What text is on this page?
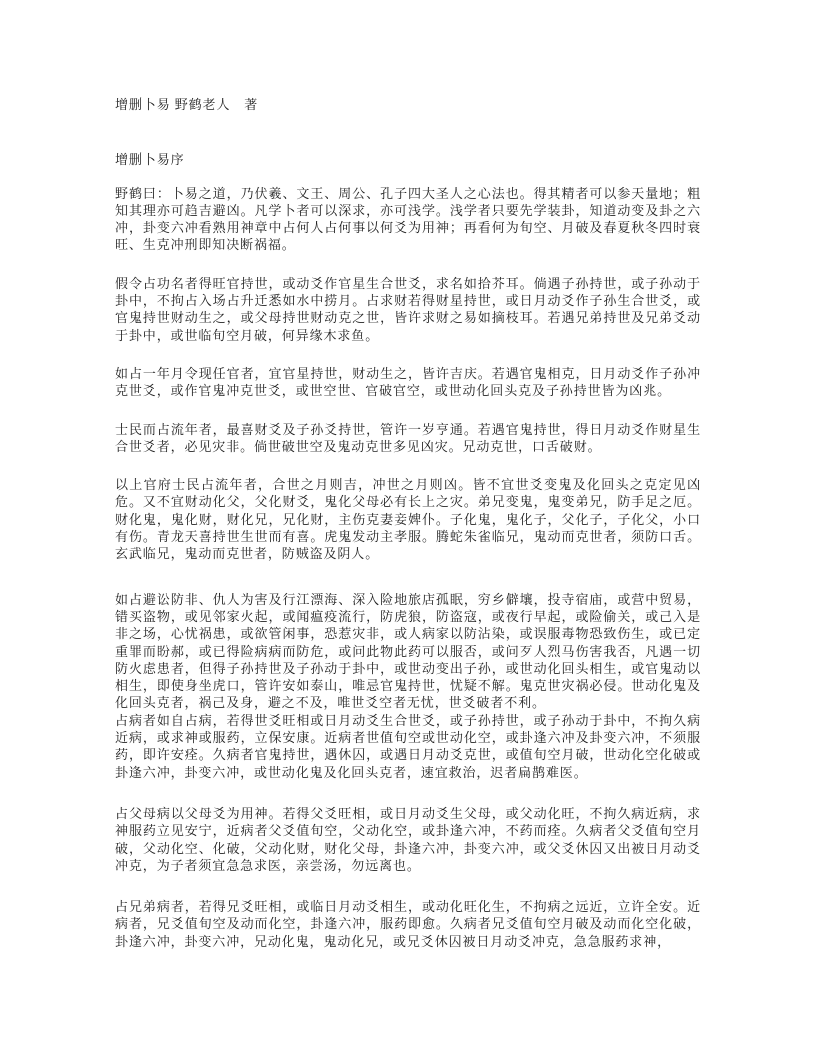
增删卜易 野鹤老人　著

增删卜易序

野鹤曰：卜易之道，乃伏羲、文王、周公、孔子四大圣人之心法也。得其精者可以参天量地；粗知其理亦可趋吉避凶。凡学卜者可以深求，亦可浅学。浅学者只要先学装卦，知道动变及卦之六冲，卦变六冲看熟用神章中占何人占何事以何爻为用神；再看何为旬空、月破及春夏秋冬四时衰旺、生克冲刑即知决断祸福。

假令占功名者得旺官持世，或动爻作官星生合世爻，求名如拾芥耳。倘遇子孙持世，或子孙动于卦中，不拘占入场占升迁悉如水中捞月。占求财若得财星持世，或日月动爻作子孙生合世爻，或官鬼持世财动生之，或父母持世财动克之世，皆许求财之易如摘枝耳。若遇兄弟持世及兄弟爻动于卦中，或世临旬空月破，何异缘木求鱼。

如占一年月令现任官者，宜官星持世，财动生之，皆许吉庆。若遇官鬼相克，日月动爻作子孙冲克世爻，或作官鬼冲克世爻，或世空世、官破官空，或世动化回头克及子孙持世皆为凶兆。

士民而占流年者，最喜财爻及子孙爻持世，管许一岁亨通。若遇官鬼持世，得日月动爻作财星生合世爻者，必见灾非。倘世破世空及鬼动克世多见凶灾。兄动克世，口舌破财。

以上官府士民占流年者，合世之月则吉，冲世之月则凶。皆不宜世爻变鬼及化回头之克定见凶危。又不宜财动化父，父化财爻，鬼化父母必有长上之灾。弟兄变鬼，鬼变弟兄，防手足之厄。财化鬼，鬼化财，财化兄，兄化财，主伤克妻妾婢仆。子化鬼，鬼化子，父化子，子化父，小口有伤。青龙天喜持世生世而有喜。虎鬼发动主孝服。腾蛇朱雀临兄，鬼动而克世者，须防口舌。玄武临兄，鬼动而克世者，防贼盗及阴人。

如占避讼防非、仇人为害及行江漂海、深入险地旅店孤眠，穷乡僻壤，投寺宿庙，或营中贸易，错买盗物，或见邻家火起，或闻瘟疫流行，防虎狼，防盗寇，或夜行早起，或险偷关，或己入是非之场，心忧祸患，或欲管闲事，恐惹灾非，或人病家以防沾染，或误服毒物恐致伤生，或已定重罪而盼郝，或已得险病病而防危，或问此物此药可以服否，或问歹人烈马伤害我否，凡遇一切防火虑患者，但得子孙持世及子孙动于卦中，或世动变出子孙，或世动化回头相生，或官鬼动以相生，即使身坐虎口，管许安如泰山，唯忌官鬼持世，忧疑不解。鬼克世灾祸必侵。世动化鬼及化回头克者，祸己及身，避之不及，唯世爻空者无忧，世爻破者不利。

占病者如自占病，若得世爻旺相或日月动爻生合世爻，或子孙持世，或子孙动于卦中，不拘久病近病，或求神或服药，立保安康。近病者世值旬空或世动化空，或卦逢六冲及卦变六冲，不须服药，即许安痊。久病者官鬼持世，遇休囚，或遇日月动爻克世，或值旬空月破，世动化空化破或卦逢六冲，卦变六冲，或世动化鬼及化回头克者，速宜救治，迟者扁鹊难医。

占父母病以父母爻为用神。若得父爻旺相，或日月动爻生父母，或父动化旺，不拘久病近病，求神服药立见安宁，近病者父爻值旬空，父动化空，或卦逢六冲，不药而痊。久病者父爻值旬空月破，父动化空、化破，父动化财，财化父母，卦逢六冲，卦变六冲，或父爻休囚又出被日月动爻冲克，为子者须宜急急求医，亲尝汤，勿远离也。

占兄弟病者，若得兄爻旺相，或临日月动爻相生，或动化旺化生，不拘病之远近，立许全安。近病者，兄爻值旬空及动而化空，卦逢六冲，服药即愈。久病者兄爻值旬空月破及动而化空化破，卦逢六冲，卦变六冲，兄动化鬼，鬼动化兄，或兄爻休囚被日月动爻冲克，急急服药求神，
